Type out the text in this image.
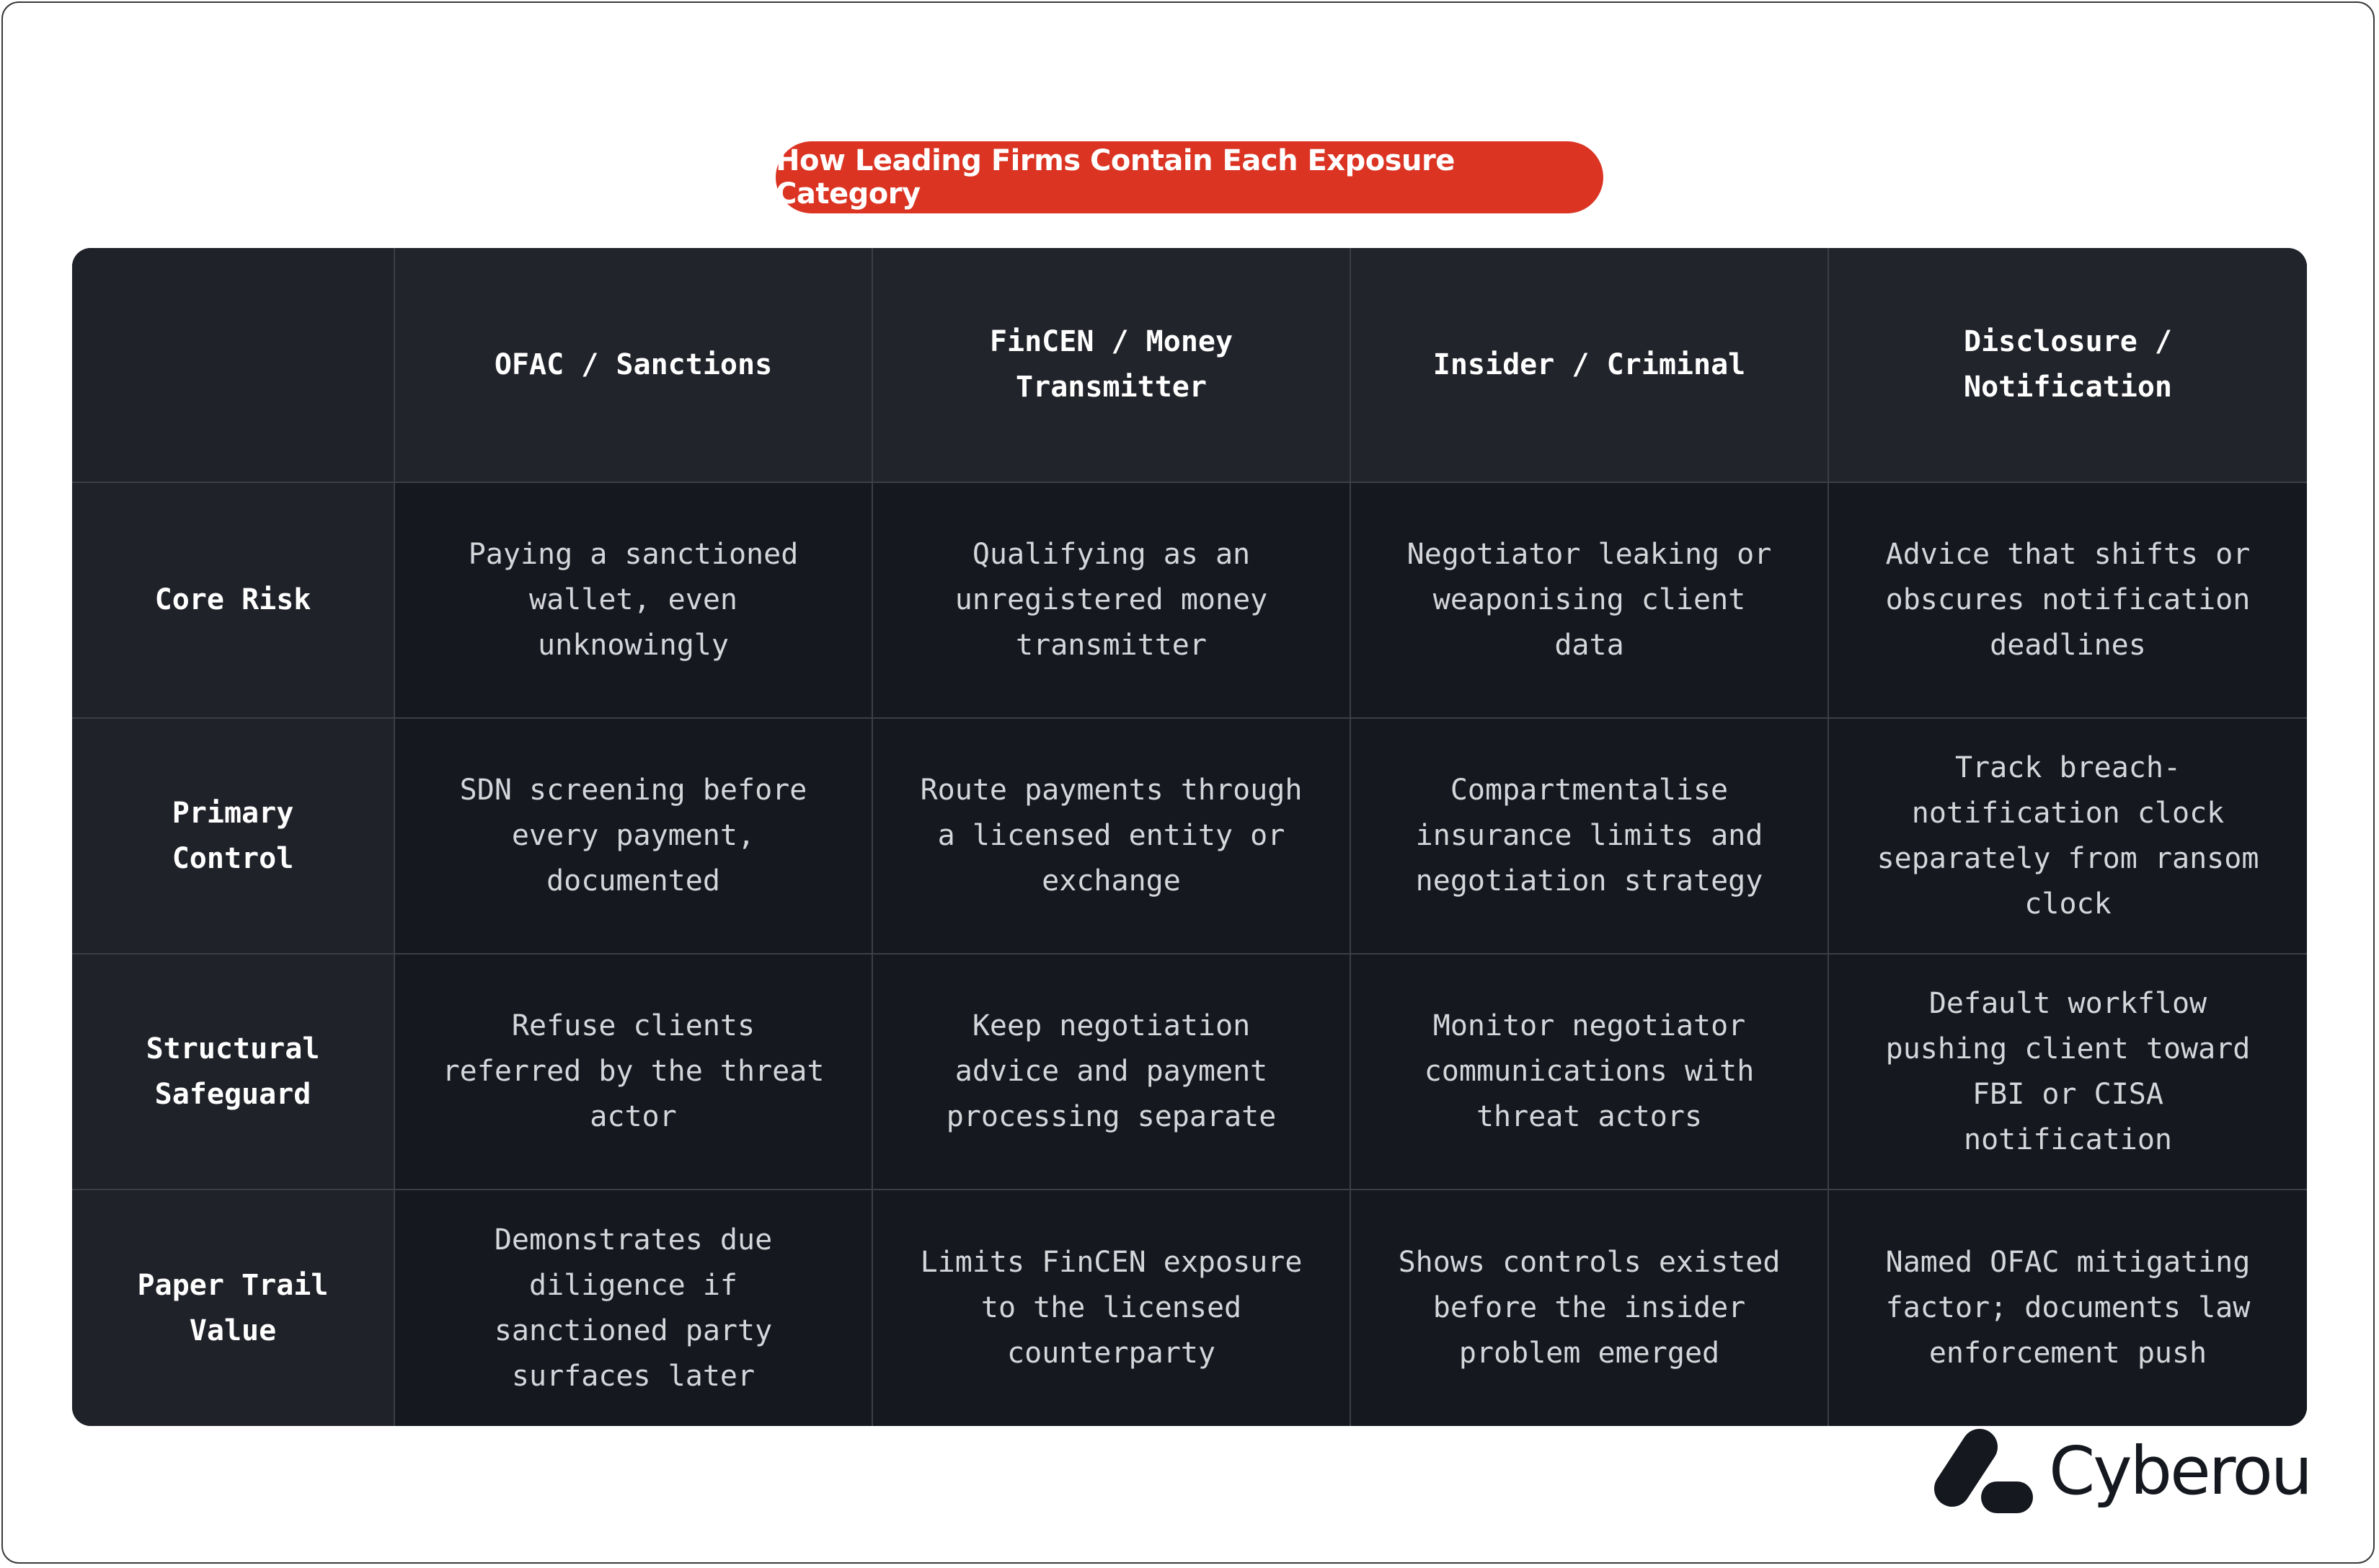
How Leading Firms Contain Each Exposure Category
OFAC / Sanctions
FinCEN / Money
Transmitter
Insider / Criminal
Disclosure /
Notification
Core Risk
Paying a sanctioned
wallet, even
unknowingly
Qualifying as an
unregistered money
transmitter
Negotiator leaking or
weaponising client
data
Advice that shifts or
obscures notification
deadlines
Primary
Control
SDN screening before
every payment,
documented
Route payments through
a licensed entity or
exchange
Compartmentalise
insurance limits and
negotiation strategy
Track breach-
notification clock
separately from ransom
clock
Structural
Safeguard
Refuse clients
referred by the threat
actor
Keep negotiation
advice and payment
processing separate
Monitor negotiator
communications with
threat actors
Default workflow
pushing client toward
FBI or CISA
notification
Paper Trail
Value
Demonstrates due
diligence if
sanctioned party
surfaces later
Limits FinCEN exposure
to the licensed
counterparty
Shows controls existed
before the insider
problem emerged
Named OFAC mitigating
factor; documents law
enforcement push
Cyberou
